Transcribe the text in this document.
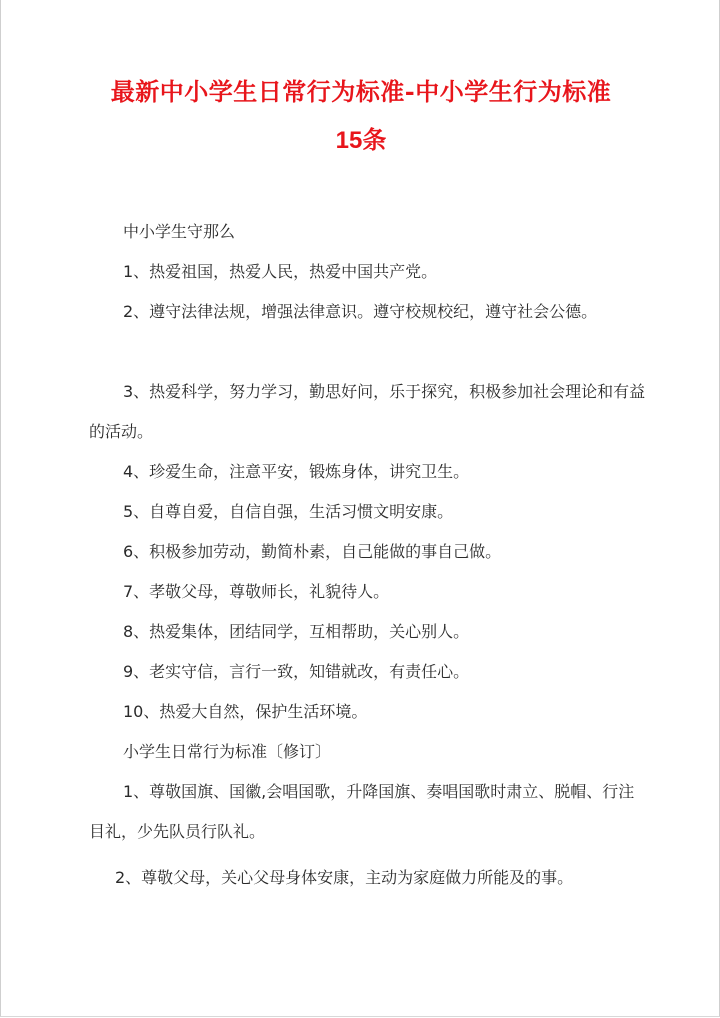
最新中小学生日常行为标准-中小学生行为标准
15条

中小学生守那么

1、热爱祖国，热爱人民，热爱中国共产党。

2、遵守法律法规，增强法律意识。遵守校规校纪，遵守社会公德。

3、热爱科学，努力学习，勤思好问，乐于探究，积极参加社会理论和有益的活动。

4、珍爱生命，注意平安，锻炼身体，讲究卫生。

5、自尊自爱，自信自强，生活习惯文明安康。

6、积极参加劳动，勤简朴素，自己能做的事自己做。

7、孝敬父母，尊敬师长，礼貌待人。

8、热爱集体，团结同学，互相帮助，关心别人。

9、老实守信，言行一致，知错就改，有责任心。

10、热爱大自然，保护生活环境。

小学生日常行为标准〔修订〕

1、尊敬国旗、国徽,会唱国歌，升降国旗、奏唱国歌时肃立、脱帽、行注目礼，少先队员行队礼。

2、尊敬父母，关心父母身体安康，主动为家庭做力所能及的事。
